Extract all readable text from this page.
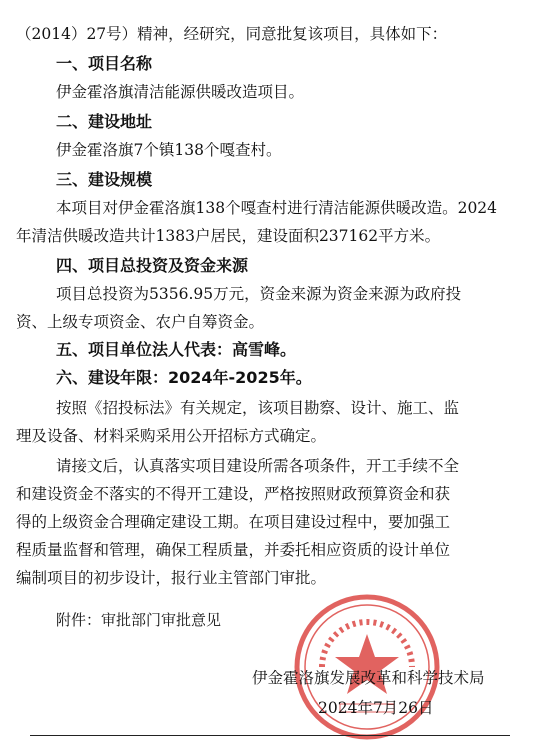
（2014）27号）精神，经研究，同意批复该项目，具体如下：
一、项目名称
伊金霍洛旗清洁能源供暖改造项目。
二、建设地址
伊金霍洛旗7个镇138个嘎查村。
三、建设规模
本项目对伊金霍洛旗138个嘎查村进行清洁能源供暖改造。2024
年清洁供暖改造共计1383户居民，建设面积237162平方米。
四、项目总投资及资金来源
项目总投资为5356.95万元，资金来源为资金来源为政府投
资、上级专项资金、农户自筹资金。
五、项目单位法人代表：高雪峰。
六、建设年限：2024年-2025年。
按照《招投标法》有关规定，该项目勘察、设计、施工、监
理及设备、材料采购采用公开招标方式确定。
请接文后，认真落实项目建设所需各项条件，开工手续不全
和建设资金不落实的不得开工建设，严格按照财政预算资金和获
得的上级资金合理确定建设工期。在项目建设过程中，要加强工
程质量监督和管理，确保工程质量，并委托相应资质的设计单位
编制项目的初步设计，报行业主管部门审批。
附件：审批部门审批意见
伊金霍洛旗发展改革和科学技术局
2024年7月26日
